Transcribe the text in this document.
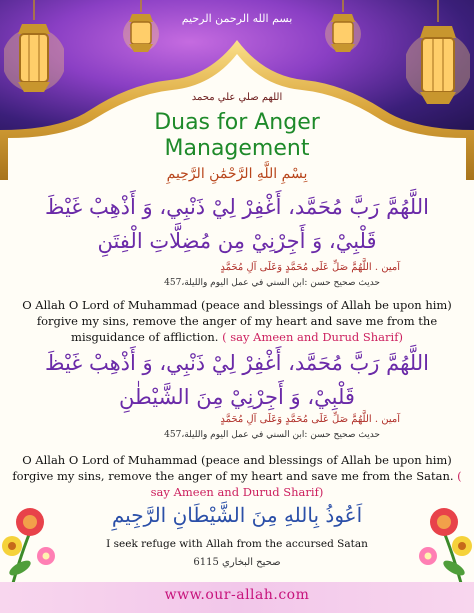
بسم الله الرحمن الرحيم
اللهم صلي علي محمد
Duas for Anger
Management
بِسْمِ اللَّهِ الرَّحْمَٰنِ الرَّحِيمِ
اللَّهُمَّ رَبَّ مُحَمَّد، أَغْفِرْ لِيْ ذَنْبِي، وَ أَذْهِبْ غَيْظَ
قَلْبِيْ، وَ أَجِرْنِيْ مِن مُضِلَّاتِ الْفِتَنِ
آمين . اللَّهُمَّ صَلِّ عَلَى مُحَمَّدٍ وَعَلَى آلِ مُحَمَّدٍ
حديث صحيح حسن :ابن السني في عمل اليوم والليلة،457
O Allah O Lord of Muhammad (peace and blessings of Allah be upon him) forgive my sins, remove the anger of my heart and save me from the misguidance of affliction. ( say Ameen and Durud Sharif)
اللَّهُمَّ رَبَّ مُحَمَّد، أَغْفِرْ لِيْ ذَنْبِي، وَ أَذْهِبْ غَيْظَ
قَلْبِيْ، وَ أَجِرْنِيْ مِنَ الشَّيْطٰنِ
آمين . اللَّهُمَّ صَلِّ عَلَى مُحَمَّدٍ وَعَلَى آلِ مُحَمَّدٍ
حديث صحيح حسن :ابن السني في عمل اليوم والليلة،457
O Allah O Lord of Muhammad (peace and blessings of Allah be upon him) forgive my sins, remove the anger of my heart and save me from the Satan. ( say Ameen and Durud Sharif)
اَعُوذُ بِاللهِ مِنَ الشَّيْطَانِ الرَّجِيمِ
I seek refuge with Allah from the accursed Satan
صحيح البخاري 6115
www.our-allah.com
